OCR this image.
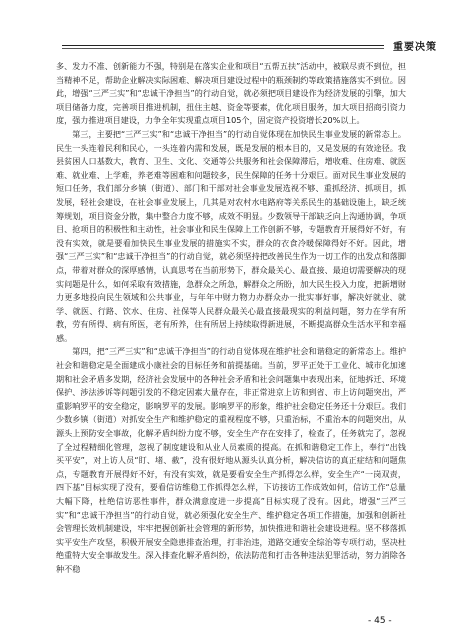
重要决策

多、发力不准、创新能力不强，特别是在落实企业和项目“五帮五扶”活动中，被联尽责不到位，担当精神不足，帮助企业解决实际困难、解决项目建设过程中的瓶颈制约等政策措施落实不到位。因此，增强“三严三实”和“忠诚干净担当”的行动自觉，就必须把项目建设作为经济发展的引擎，加大项目储备力度，完善项目推进机制，扭住主越、资金等要素，优化项目服务，加大项目招商引资力度，强力推进项目建设，力争全年实现重点项目105个，固定资产投资增长20%以上。

第三，主要把“三严三实”和“忠诚干净担当”的行动自觉体现在加快民生事业发展的新常态上。民生一头连着民利和民心，一头连着内需和发展，既是发展的根本目的，又是发展的有效途径。我县贫困人口基数大，教育、卫生、文化、交通等公共服务和社会保障滞后，增收难、住房难、就医难、就业难、上学难，养老难等困难和问题较多，民生保障的任务十分艰巨。面对民生事业发展的短口任务，我们部分乡镇（街道）、部门和干部对社会事业发展选视不够、重抓经济、抓项目，抓发展，轻社会建设，在社会事业发展上，几其是对农村水电路府等关系民生的基础设施上，缺乏统筹规划，项目资金分散，集中整合力度不够，成效不明显。少数领导干部缺乏向上沟通协调，争项目、抢项目的积极性和主动性，社会事业和民生保障上工作创新不够，专题教育开展得好不好，有没有实效，就是要看加快民生事业发展的措施实不实，群众的衣食冷暖保障得好不好。因此，增强“三严三实”和“忠诚干净担当”的行动自觉，就必须坚持把改善民生作为一切工作的出发点和落脚点，带着对群众的深厚感情，认真思考在当前形势下，群众最关心、最直接、最迫切需要解决的现实问题是什么，如何采取有效措施，急群众之所急，解群众之所盼，加大民生投入力度，把新增财力更多地投向民生领域和公共事业，与年年中财力物力办群众办一批实事好事，解决好就业、就学、就医、行路、饮水、住房、社保等人民群众最关心最直接最现实的利益问题，努力在学有所教，劳有所得、病有所医，老有所养，住有所居上持续取得新进展，不断提高群众生活水平和幸福感。

第四，把“三严三实”和“忠诚干净担当”的行动自觉体现在维护社会和谐稳定的新常态上。维护社会和谐稳定是全面建成小康社会的目标任务和前提基础。当前，罗平正处于工业化、城市化加速期和社会矛盾多发期，经济社会发展中的各种社会矛盾和社会问题集中表现出来，征地拆迁、环境保护、涉法涉诉等问题引发的不稳定因素大量存在，非正常进京上访和到省、市上访问题突出，严重影响罗平的安全稳定，影响罗平的发展。影响罗平的形象，维护社会稳定任务还十分艰巨。我们少数乡镇（街道）对抓安全生产和维护稳定的重视程度不够，只重治标，不重治本的问题突出，从源头上预防安全事故，化解矛盾纠纷力度不够，安全生产存在安排了，检查了，任务就完了，忽视了全过程精细化管理，忽视了制度建设和从业人员素质的提高。在抓和谐稳定工作上，奉行“出钱买平安”，对上访人员“盯、堵、截”，没有很好地从源头认真分析，解决信访的真正症结和问题焦点，专题教育开展得好不好，有没有实效，就是要看安全生产抓得怎么样，安全生产“一岗双责，四下基”目标实现了没有，要看信访维稳工作抓得怎么样，下访接访工作成效如何，信访工作“总量大幅下降，杜绝信访恶性事件，群众满意度进一步提高”目标实现了没有。因此，增强“三严三实”和“忠诚干净担当”的行动自觉，就必须强化安全生产、维护稳定各项工作措施，加强和创新社会管理长效机制建设，牢牢把握创新社会管理的新形势，加快推进和谐社会建设进程。坚不移落抓实平安生产攻坚，积极开展安全隐患排查治理，打非治违，道路交通安全综治等专项行动，坚决杜绝重特大安全事故发生。深入排查化解矛盾纠纷，依法防范和打击各种违法犯罪活动，努力消除各种不稳

- 45 -
